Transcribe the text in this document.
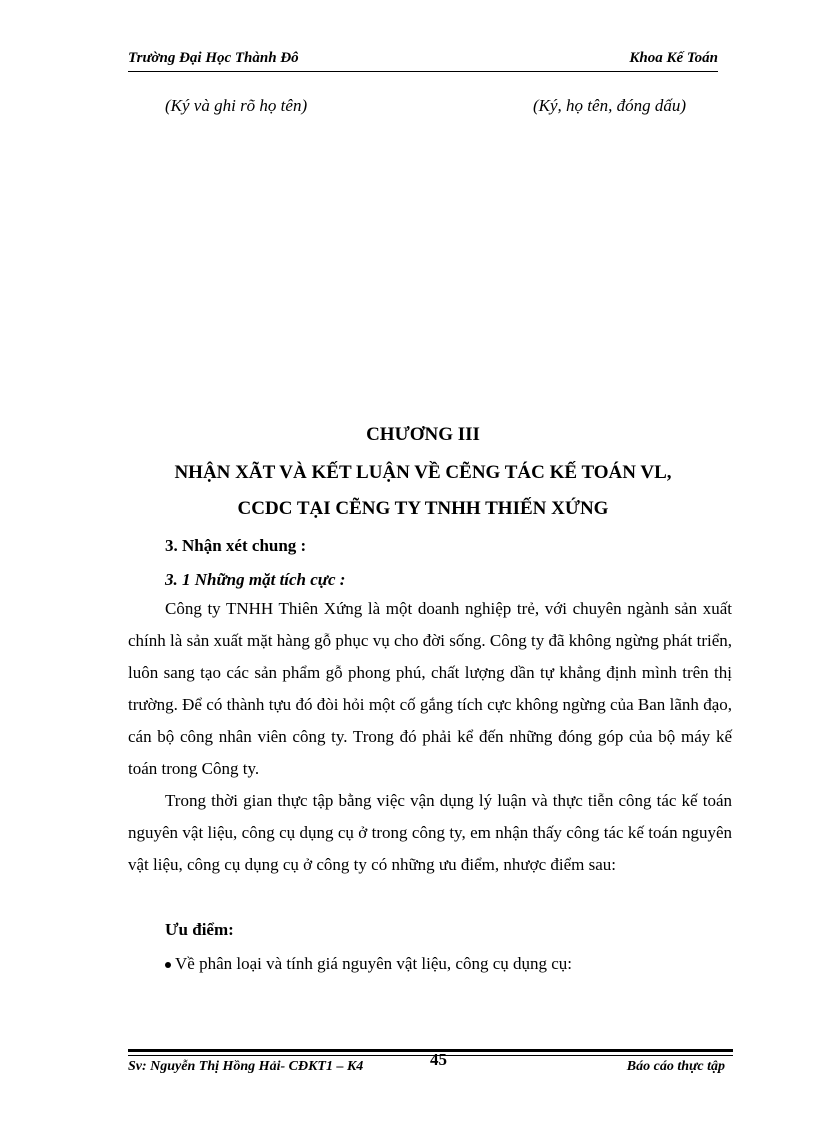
Trường Đại Học Thành Đô	Khoa Kế Toán
(Ký và ghi rõ họ tên)	(Ký, họ tên, đóng dấu)
CHƯƠNG III
NHẬN XÃT VÀ KẾT LUẬN VỀ CẼNG TÁC KẾ TOÁN VL,
CCDC TẠI CẼNG TY TNHH THIẾN XỨNG
3. Nhận xét chung :
3. 1 Những mặt tích cực :

Công ty TNHH Thiên Xứng là một doanh nghiệp trẻ, với chuyên ngành sản xuất chính là sản xuất mặt hàng gỗ phục vụ cho đời sống. Công ty đã không ngừng phát triển, luôn sang tạo các sản phẩm gỗ phong phú, chất lượng dần tự khẳng định mình trên thị trường. Để có thành tựu đó đòi hỏi một cố gắng tích cực không ngừng của Ban lãnh đạo, cán bộ công nhân viên công ty. Trong đó phải kể đến những đóng góp của bộ máy kế toán trong Công ty.

Trong thời gian thực tập bằng việc vận dụng lý luận và thực tiễn công tác kế toán nguyên vật liệu, công cụ dụng cụ ở trong công ty, em nhận thấy công tác kế toán nguyên vật liệu, công cụ dụng cụ ở công ty có những ưu điểm, nhược điểm sau:

Ưu điểm:
Về phân loại và tính giá nguyên vật liệu, công cụ dụng cụ:
Sv: Nguyễn Thị Hồng Hải- CĐKT1 – K4	45	Báo cáo thực tập
